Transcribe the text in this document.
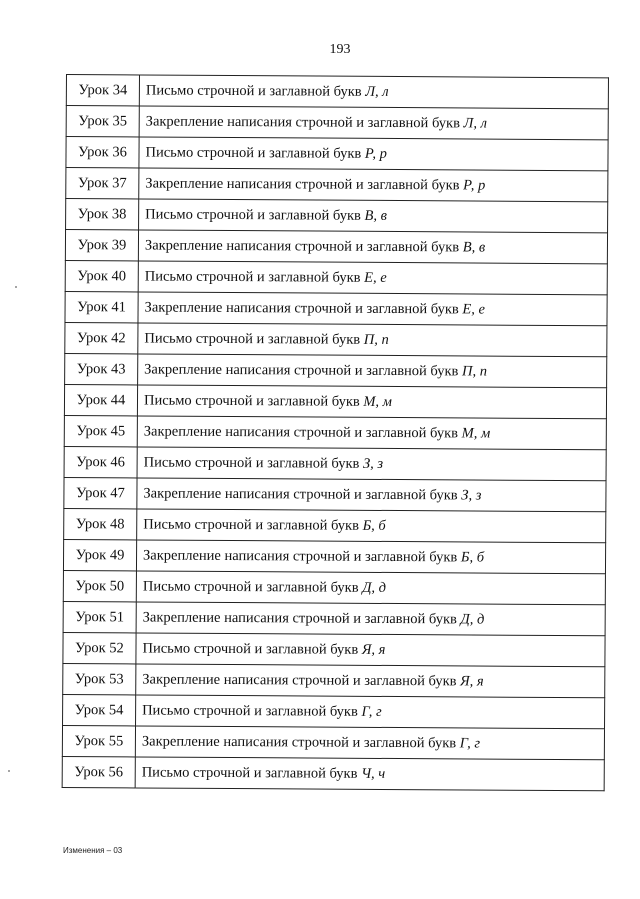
193
Урок 34	Письмо строчной и заглавной букв Л, л
Урок 35	Закрепление написания строчной и заглавной букв Л, л
Урок 36	Письмо строчной и заглавной букв Р, р
Урок 37	Закрепление написания строчной и заглавной букв Р, р
Урок 38	Письмо строчной и заглавной букв В, в
Урок 39	Закрепление написания строчной и заглавной букв В, в
Урок 40	Письмо строчной и заглавной букв Е, е
Урок 41	Закрепление написания строчной и заглавной букв Е, е
Урок 42	Письмо строчной и заглавной букв П, п
Урок 43	Закрепление написания строчной и заглавной букв П, п
Урок 44	Письмо строчной и заглавной букв М, м
Урок 45	Закрепление написания строчной и заглавной букв М, м
Урок 46	Письмо строчной и заглавной букв З, з
Урок 47	Закрепление написания строчной и заглавной букв З, з
Урок 48	Письмо строчной и заглавной букв Б, б
Урок 49	Закрепление написания строчной и заглавной букв Б, б
Урок 50	Письмо строчной и заглавной букв Д, д
Урок 51	Закрепление написания строчной и заглавной букв Д, д
Урок 52	Письмо строчной и заглавной букв Я, я
Урок 53	Закрепление написания строчной и заглавной букв Я, я
Урок 54	Письмо строчной и заглавной букв Г, г
Урок 55	Закрепление написания строчной и заглавной букв Г, г
Урок 56	Письмо строчной и заглавной букв Ч, ч
Изменения – 03
